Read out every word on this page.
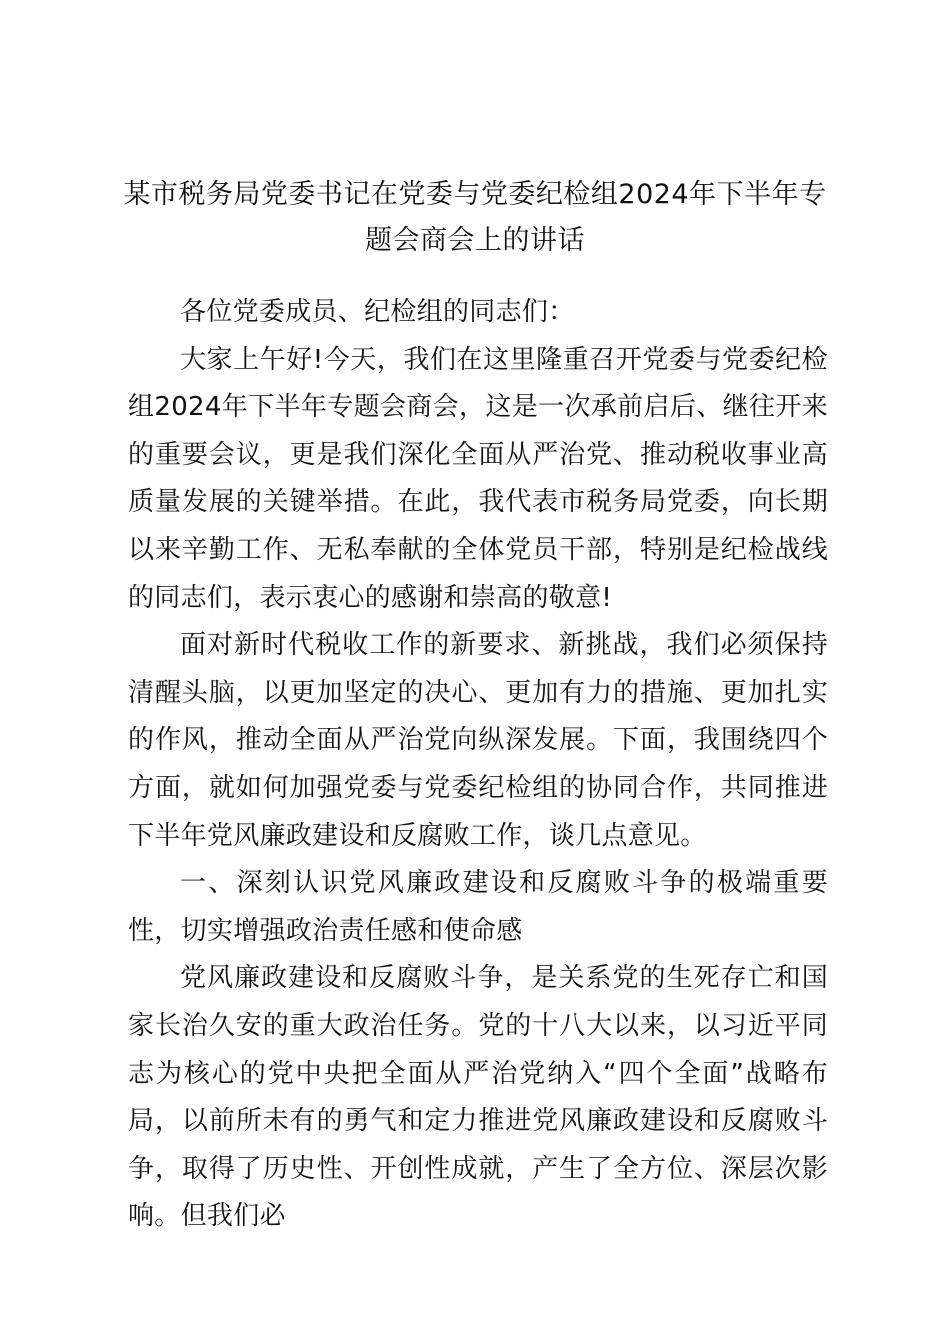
某市税务局党委书记在党委与党委纪检组2024年下半年专题会商会上的讲话

各位党委成员、纪检组的同志们：

大家上午好!今天，我们在这里隆重召开党委与党委纪检组2024年下半年专题会商会，这是一次承前启后、继往开来的重要会议，更是我们深化全面从严治党、推动税收事业高质量发展的关键举措。在此，我代表市税务局党委，向长期以来辛勤工作、无私奉献的全体党员干部，特别是纪检战线的同志们，表示衷心的感谢和崇高的敬意!

面对新时代税收工作的新要求、新挑战，我们必须保持清醒头脑，以更加坚定的决心、更加有力的措施、更加扎实的作风，推动全面从严治党向纵深发展。下面，我围绕四个方面，就如何加强党委与党委纪检组的协同合作，共同推进下半年党风廉政建设和反腐败工作，谈几点意见。

一、深刻认识党风廉政建设和反腐败斗争的极端重要性，切实增强政治责任感和使命感

党风廉政建设和反腐败斗争，是关系党的生死存亡和国家长治久安的重大政治任务。党的十八大以来，以习近平同志为核心的党中央把全面从严治党纳入“四个全面”战略布局，以前所未有的勇气和定力推进党风廉政建设和反腐败斗争，取得了历史性、开创性成就，产生了全方位、深层次影响。但我们必
